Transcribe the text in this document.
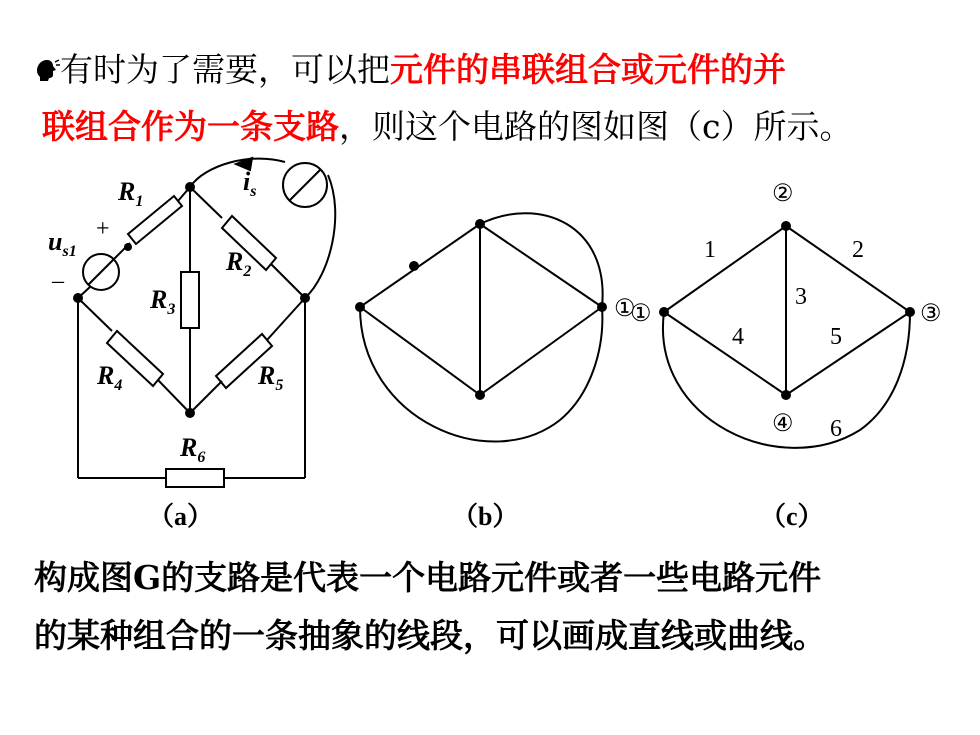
有时为了需要，可以把元件的串联组合或元件的并
联组合作为一条支路，则这个电路的图如图（c）所示。
$R_1$
$R_2$
$R_3$
$R_4$	$R_5$
$R_6$
$u_{s1}$
$i_s$
+
–
（a）
①
（b）
②
③
④
①
1	2
3
4	5
6
（c）
构成图G的支路是代表一个电路元件或者一些电路元件
的某种组合的一条抽象的线段，可以画成直线或曲线。
